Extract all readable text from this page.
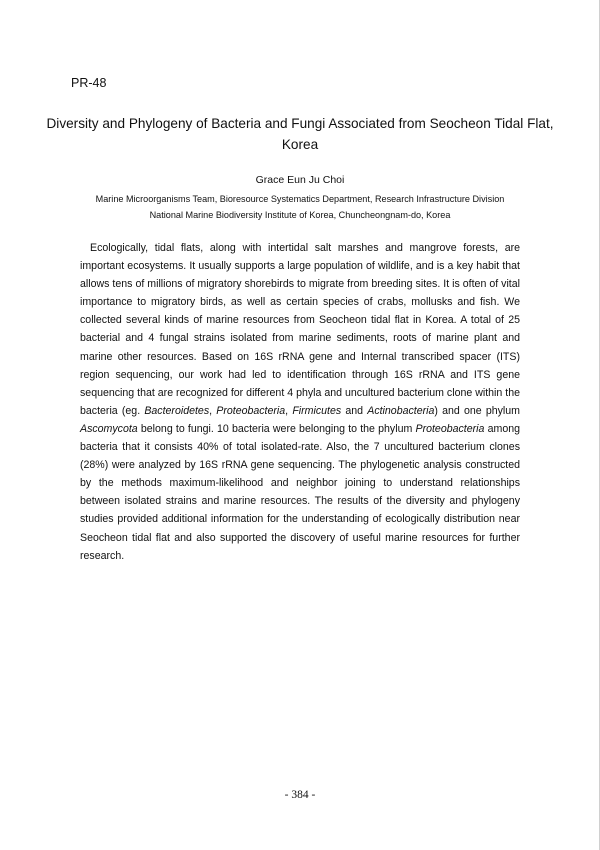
PR-48
Diversity and Phylogeny of Bacteria and Fungi Associated from Seocheon Tidal Flat, Korea
Grace Eun Ju Choi
Marine Microorganisms Team, Bioresource Systematics Department, Research Infrastructure Division
National Marine Biodiversity Institute of Korea, Chuncheongnam-do, Korea

Ecologically, tidal flats, along with intertidal salt marshes and mangrove forests, are important ecosystems. It usually supports a large population of wildlife, and is a key habit that allows tens of millions of migratory shorebirds to migrate from breeding sites. It is often of vital importance to migratory birds, as well as certain species of crabs, mollusks and fish. We collected several kinds of marine resources from Seocheon tidal flat in Korea. A total of 25 bacterial and 4 fungal strains isolated from marine sediments, roots of marine plant and marine other resources. Based on 16S rRNA gene and Internal transcribed spacer (ITS) region sequencing, our work had led to identification through 16S rRNA and ITS gene sequencing that are recognized for different 4 phyla and uncultured bacterium clone within the bacteria (eg. Bacteroidetes, Proteobacteria, Firmicutes and Actinobacteria) and one phylum Ascomycota belong to fungi. 10 bacteria were belonging to the phylum Proteobacteria among bacteria that it consists 40% of total isolated-rate. Also, the 7 uncultured bacterium clones (28%) were analyzed by 16S rRNA gene sequencing. The phylogenetic analysis constructed by the methods maximum-likelihood and neighbor joining to understand relationships between isolated strains and marine resources. The results of the diversity and phylogeny studies provided additional information for the understanding of ecologically distribution near Seocheon tidal flat and also supported the discovery of useful marine resources for further research.

- 384 -
